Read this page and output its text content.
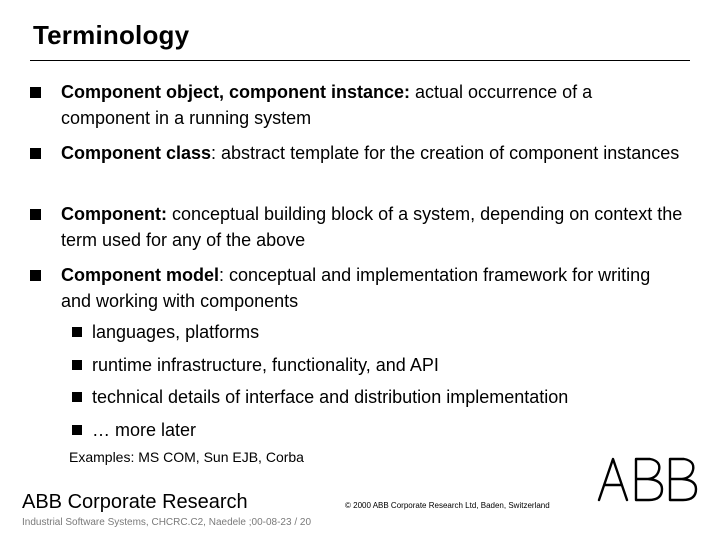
Terminology
Component object, component instance: actual occurrence of a component in a running system
Component class: abstract template for the creation of component instances
Component: conceptual building block of a system, depending on context the term used for any of the above
Component model: conceptual and implementation framework for writing and working with components
languages, platforms
runtime infrastructure, functionality, and API
technical details of interface and distribution implementation
… more later
Examples: MS COM, Sun EJB, Corba
ABB Corporate Research
Industrial Software Systems, CHCRC.C2, Naedele ;00-08-23 / 20
© 2000 ABB Corporate Research Ltd, Baden, Switzerland
